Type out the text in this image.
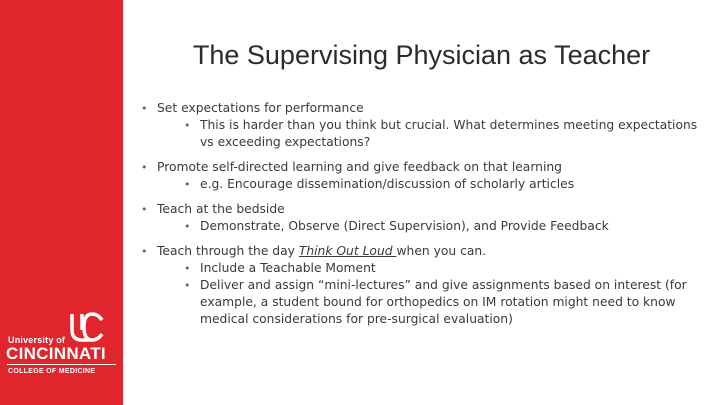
University of
CINCINNATI
COLLEGE OF MEDICINE
The Supervising Physician as Teacher
• Set expectations for performance
• This is harder than you think but crucial. What determines meeting expectations vs exceeding expectations?
• Promote self-directed learning and give feedback on that learning
• e.g. Encourage dissemination/discussion of scholarly articles
• Teach at the bedside
• Demonstrate, Observe (Direct Supervision), and Provide Feedback
• Teach through the day Think Out Loud when you can.
• Include a Teachable Moment
• Deliver and assign “mini-lectures” and give assignments based on interest (for example, a student bound for orthopedics on IM rotation might need to know medical considerations for pre-surgical evaluation)
